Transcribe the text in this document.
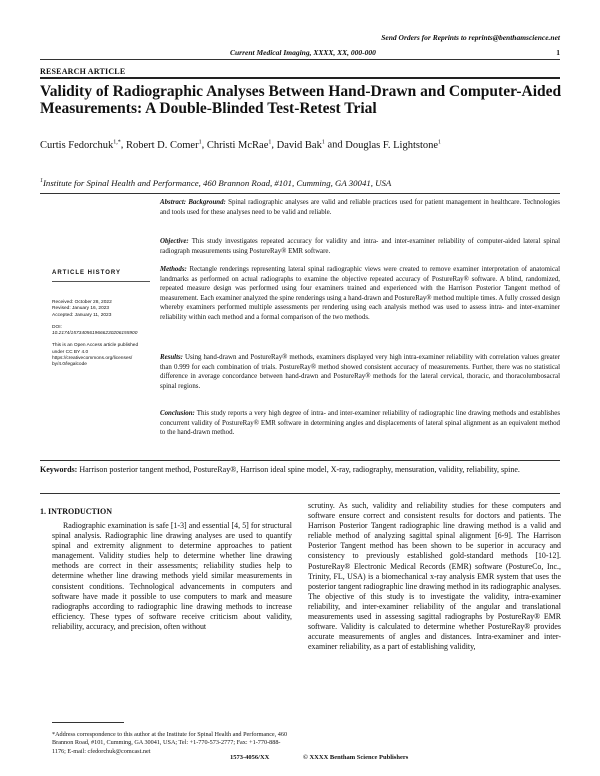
Send Orders for Reprints to reprints@benthamscience.net
Current Medical Imaging, XXXX, XX, 000-000	1
RESEARCH ARTICLE
Validity of Radiographic Analyses Between Hand-Drawn and Computer-Aided Measurements: A Double-Blinded Test-Retest Trial
Curtis Fedorchuk$^{1,*}$, Robert D. Comer$^1$, Christi McRae$^1$, David Bak$^1$ and Douglas F. Lightstone$^1$
$^1$Institute for Spinal Health and Performance, 460 Brannon Road, #101, Cumming, GA 30041, USA
ARTICLE HISTORY
Received: October 28, 2022
Revised: January 16, 2023
Accepted: January 11, 2023
DOI:
10.2174/1573405619666230206155900
This is an Open Access article published
under CC BY 4.0
https://creativecommons.org/licenses/
by/4.0/legalcode
Abstract: Background: Spinal radiographic analyses are valid and reliable practices used for patient management in healthcare. Technologies and tools used for these analyses need to be valid and reliable.
Objective: This study investigates repeated accuracy for validity and intra- and inter-examiner reliability of computer-aided lateral spinal radiograph measurements using PostureRay® EMR software.
Methods: Rectangle renderings representing lateral spinal radiographic views were created to remove examiner interpretation of anatomical landmarks as performed on actual radiographs to examine the objective repeated accuracy of PostureRay® software. A blind, randomized, repeated measure design was performed using four examiners trained and experienced with the Harrison Posterior Tangent method of measurement. Each examiner analyzed the spine renderings using a hand-drawn and PostureRay® method multiple times. A fully crossed design whereby examiners performed multiple assessments per rendering using each analysis method was used to assess intra- and inter-examiner reliability within each method and a formal comparison of the two methods.
Results: Using hand-drawn and PostureRay® methods, examiners displayed very high intra-examiner reliability with correlation values greater than 0.999 for each combination of trials. PostureRay® method showed consistent accuracy of measurements. Further, there was no statistical difference in average concordance between hand-drawn and PostureRay® methods for the lateral cervical, thoracic, and thoracolumbosacral spinal regions.
Conclusion: This study reports a very high degree of intra- and inter-examiner reliability of radiographic line drawing methods and establishes concurrent validity of PostureRay® EMR software in determining angles and displacements of lateral spinal alignment as an equivalent method to the hand-drawn method.
Keywords: Harrison posterior tangent method, PostureRay®, Harrison ideal spine model, X-ray, radiography, mensuration, validity, reliability, spine.
1. INTRODUCTION
Radiographic examination is safe [1-3] and essential [4, 5] for structural spinal analysis. Radiographic line drawing analyses are used to quantify spinal and extremity alignment to determine approaches to patient management. Validity studies help to determine whether line drawing methods are correct in their assessments; reliability studies help to determine whether line drawing methods yield similar measurements in consistent conditions. Technological advancements in computers and software have made it possible to use computers to mark and measure radiographs according to radiographic line drawing methods to increase efficiency. These types of software receive criticism about validity, reliability, accuracy, and precision, often without
scrutiny. As such, validity and reliability studies for these computers and software ensure correct and consistent results for doctors and patients. The Harrison Posterior Tangent radiographic line drawing method is a valid and reliable method of analyzing sagittal spinal alignment [6-9]. The Harrison Posterior Tangent method has been shown to be superior in accuracy and consistency to previously established gold-standard methods [10-12]. PostureRay® Electronic Medical Records (EMR) software (PostureCo, Inc., Trinity, FL, USA) is a biomechanical x-ray analysis EMR system that uses the posterior tangent radiographic line drawing method in its radiographic analyses. The objective of this study is to investigate the validity, intra-examiner reliability, and inter-examiner reliability of the angular and translational measurements used in assessing sagittal radiographs by PostureRay® EMR software. Validity is calculated to determine whether PostureRay® provides accurate measurements of angles and distances. Intra-examiner and inter-examiner reliability, as a part of establishing validity,
*Address correspondence to this author at the Institute for Spinal Health and Performance, 460 Brannon Road, #101, Cumming, GA 30041, USA; Tel: +1-770-573-2777; Fax: +1-770-888-1176; E-mail: cfedorchuk@comcast.net
1573-4056/XX	© XXXX Bentham Science Publishers
